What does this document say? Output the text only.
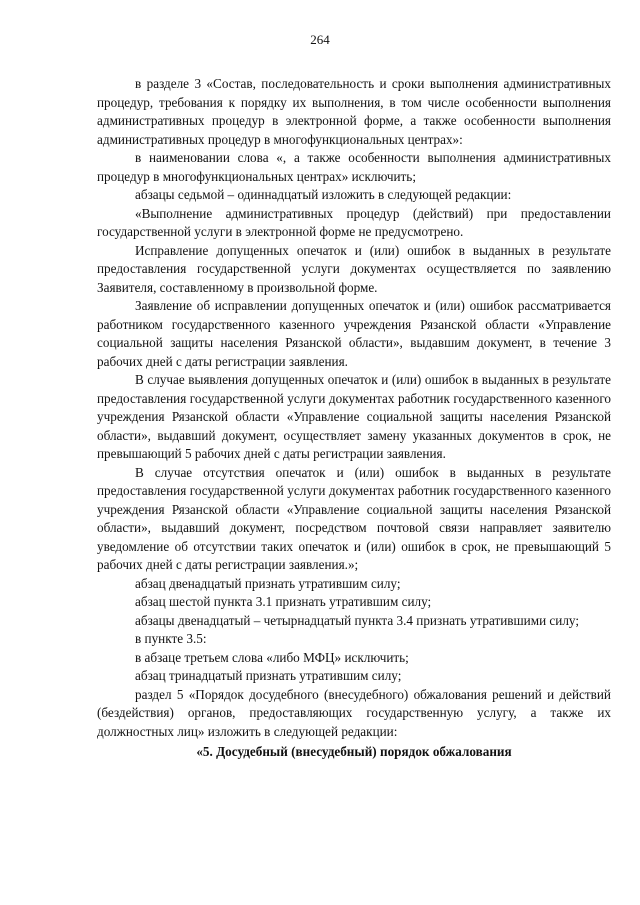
264

в разделе 3 «Состав, последовательность и сроки выполнения административных процедур, требования к порядку их выполнения, в том числе особенности выполнения административных процедур в электронной форме, а также особенности выполнения административных процедур в многофункциональных центрах»:

в наименовании слова «, а также особенности выполнения административных процедур в многофункциональных центрах» исключить;

абзацы седьмой – одиннадцатый изложить в следующей редакции:

«Выполнение административных процедур (действий) при предоставлении государственной услуги в электронной форме не предусмотрено.

Исправление допущенных опечаток и (или) ошибок в выданных в результате предоставления государственной услуги документах осуществляется по заявлению Заявителя, составленному в произвольной форме.

Заявление об исправлении допущенных опечаток и (или) ошибок рассматривается работником государственного казенного учреждения Рязанской области «Управление социальной защиты населения Рязанской области», выдавшим документ, в течение 3 рабочих дней с даты регистрации заявления.

В случае выявления допущенных опечаток и (или) ошибок в выданных в результате предоставления государственной услуги документах работник государственного казенного учреждения Рязанской области «Управление социальной защиты населения Рязанской области», выдавший документ, осуществляет замену указанных документов в срок, не превышающий 5 рабочих дней с даты регистрации заявления.

В случае отсутствия опечаток и (или) ошибок в выданных в результате предоставления государственной услуги документах работник государственного казенного учреждения Рязанской области «Управление социальной защиты населения Рязанской области», выдавший документ, посредством почтовой связи направляет заявителю уведомление об отсутствии таких опечаток и (или) ошибок в срок, не превышающий 5 рабочих дней с даты регистрации заявления.»;

абзац двенадцатый признать утратившим силу;

абзац шестой пункта 3.1 признать утратившим силу;

абзацы двенадцатый – четырнадцатый пункта 3.4 признать утратившими силу;

в пункте 3.5:

в абзаце третьем слова «либо МФЦ» исключить;

абзац тринадцатый признать утратившим силу;

раздел 5 «Порядок досудебного (внесудебного) обжалования решений и действий (бездействия) органов, предоставляющих государственную услугу, а также их должностных лиц» изложить в следующей редакции:

«5. Досудебный (внесудебный) порядок обжалования
